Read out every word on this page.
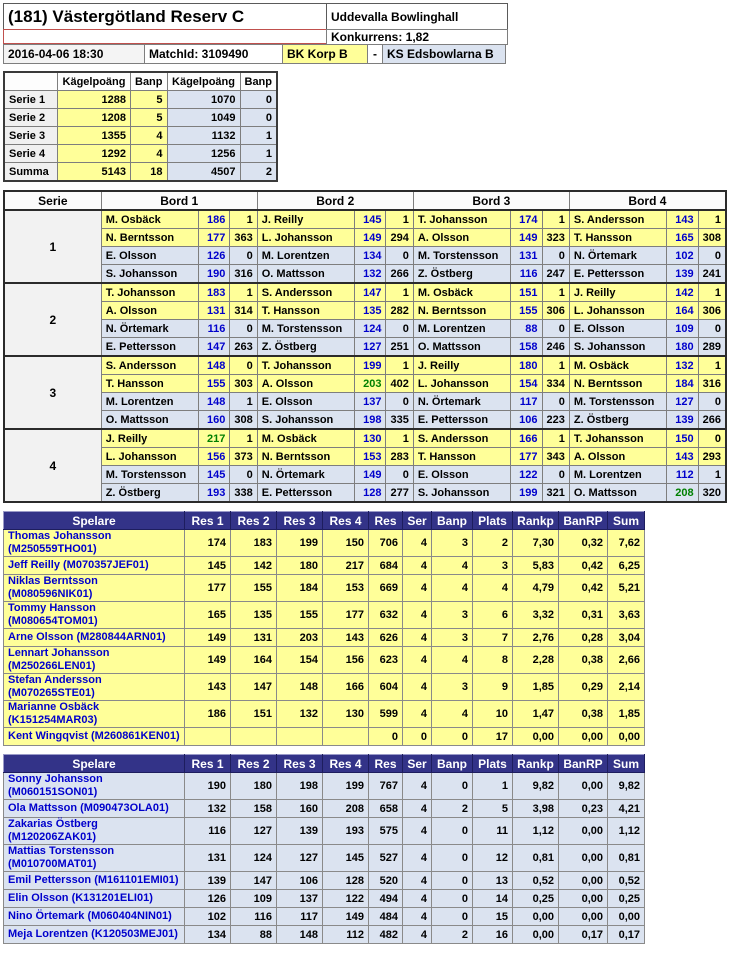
(181) Västergötland Reserv C	Uddevalla Bowlinghall
Konkurrens: 1,82
2016-04-06 18:30	MatchId: 3109490	BK Korp B	- KS Edsbowlarna B
	Kägelpoäng	Banp	Kägelpoäng	Banp
Serie 1	1288	5	1070	0
Serie 2	1208	5	1049	0
Serie 3	1355	4	1132	1
Serie 4	1292	4	1256	1
Summa	5143	18	4507	2
Serie	Bord 1			Bord 2			Bord 3			Bord 4		
1	M. Osbäck	186	1	J. Reilly	145	1	T. Johansson	174	1	S. Andersson	143	1
	N. Berntsson	177	363	L. Johansson	149	294	A. Olsson	149	323	T. Hansson	165	308
	E. Olsson	126	0	M. Lorentzen	134	0	M. Torstensson	131	0	N. Örtemark	102	0
	S. Johansson	190	316	O. Mattsson	132	266	Z. Östberg	116	247	E. Pettersson	139	241
2	T. Johansson	183	1	S. Andersson	147	1	M. Osbäck	151	1	J. Reilly	142	1
	A. Olsson	131	314	T. Hansson	135	282	N. Berntsson	155	306	L. Johansson	164	306
	N. Örtemark	116	0	M. Torstensson	124	0	M. Lorentzen	88	0	E. Olsson	109	0
	E. Pettersson	147	263	Z. Östberg	127	251	O. Mattsson	158	246	S. Johansson	180	289
3	S. Andersson	148	0	T. Johansson	199	1	J. Reilly	180	1	M. Osbäck	132	1
	T. Hansson	155	303	A. Olsson	203	402	L. Johansson	154	334	N. Berntsson	184	316
	M. Lorentzen	148	1	E. Olsson	137	0	N. Örtemark	117	0	M. Torstensson	127	0
	O. Mattsson	160	308	S. Johansson	198	335	E. Pettersson	106	223	Z. Östberg	139	266
4	J. Reilly	217	1	M. Osbäck	130	1	S. Andersson	166	1	T. Johansson	150	0
	L. Johansson	156	373	N. Berntsson	153	283	T. Hansson	177	343	A. Olsson	143	293
	M. Torstensson	145	0	N. Örtemark	149	0	E. Olsson	122	0	M. Lorentzen	112	1
	Z. Östberg	193	338	E. Pettersson	128	277	S. Johansson	199	321	O. Mattsson	208	320
Spelare	Res 1	Res 2	Res 3	Res 4	Res	Ser	Banp	Plats	Rankp	BanRP	Sum
Thomas Johansson (M250559THO01)	174	183	199	150	706	4	3	2	7,30	0,32	7,62
Jeff Reilly (M070357JEF01)	145	142	180	217	684	4	4	3	5,83	0,42	6,25
Niklas Berntsson (M080596NIK01)	177	155	184	153	669	4	4	4	4,79	0,42	5,21
Tommy Hansson (M080654TOM01)	165	135	155	177	632	4	3	6	3,32	0,31	3,63
Arne Olsson (M280844ARN01)	149	131	203	143	626	4	3	7	2,76	0,28	3,04
Lennart Johansson (M250266LEN01)	149	164	154	156	623	4	4	8	2,28	0,38	2,66
Stefan Andersson (M070265STE01)	143	147	148	166	604	4	3	9	1,85	0,29	2,14
Marianne Osbäck (K151254MAR03)	186	151	132	130	599	4	4	10	1,47	0,38	1,85
Kent Wingqvist (M260861KEN01)					0	0	0	17	0,00	0,00	0,00
Spelare	Res 1	Res 2	Res 3	Res 4	Res	Ser	Banp	Plats	Rankp	BanRP	Sum
Sonny Johansson (M060151SON01)	190	180	198	199	767	4	0	1	9,82	0,00	9,82
Ola Mattsson (M090473OLA01)	132	158	160	208	658	4	2	5	3,98	0,23	4,21
Zakarias Östberg (M120206ZAK01)	116	127	139	193	575	4	0	11	1,12	0,00	1,12
Mattias Torstensson (M010700MAT01)	131	124	127	145	527	4	0	12	0,81	0,00	0,81
Emil Pettersson (M161101EMI01)	139	147	106	128	520	4	0	13	0,52	0,00	0,52
Elin Olsson (K131201ELI01)	126	109	137	122	494	4	0	14	0,25	0,00	0,25
Nino Örtemark (M060404NIN01)	102	116	117	149	484	4	0	15	0,00	0,00	0,00
Meja Lorentzen (K120503MEJ01)	134	88	148	112	482	4	2	16	0,00	0,17	0,17
